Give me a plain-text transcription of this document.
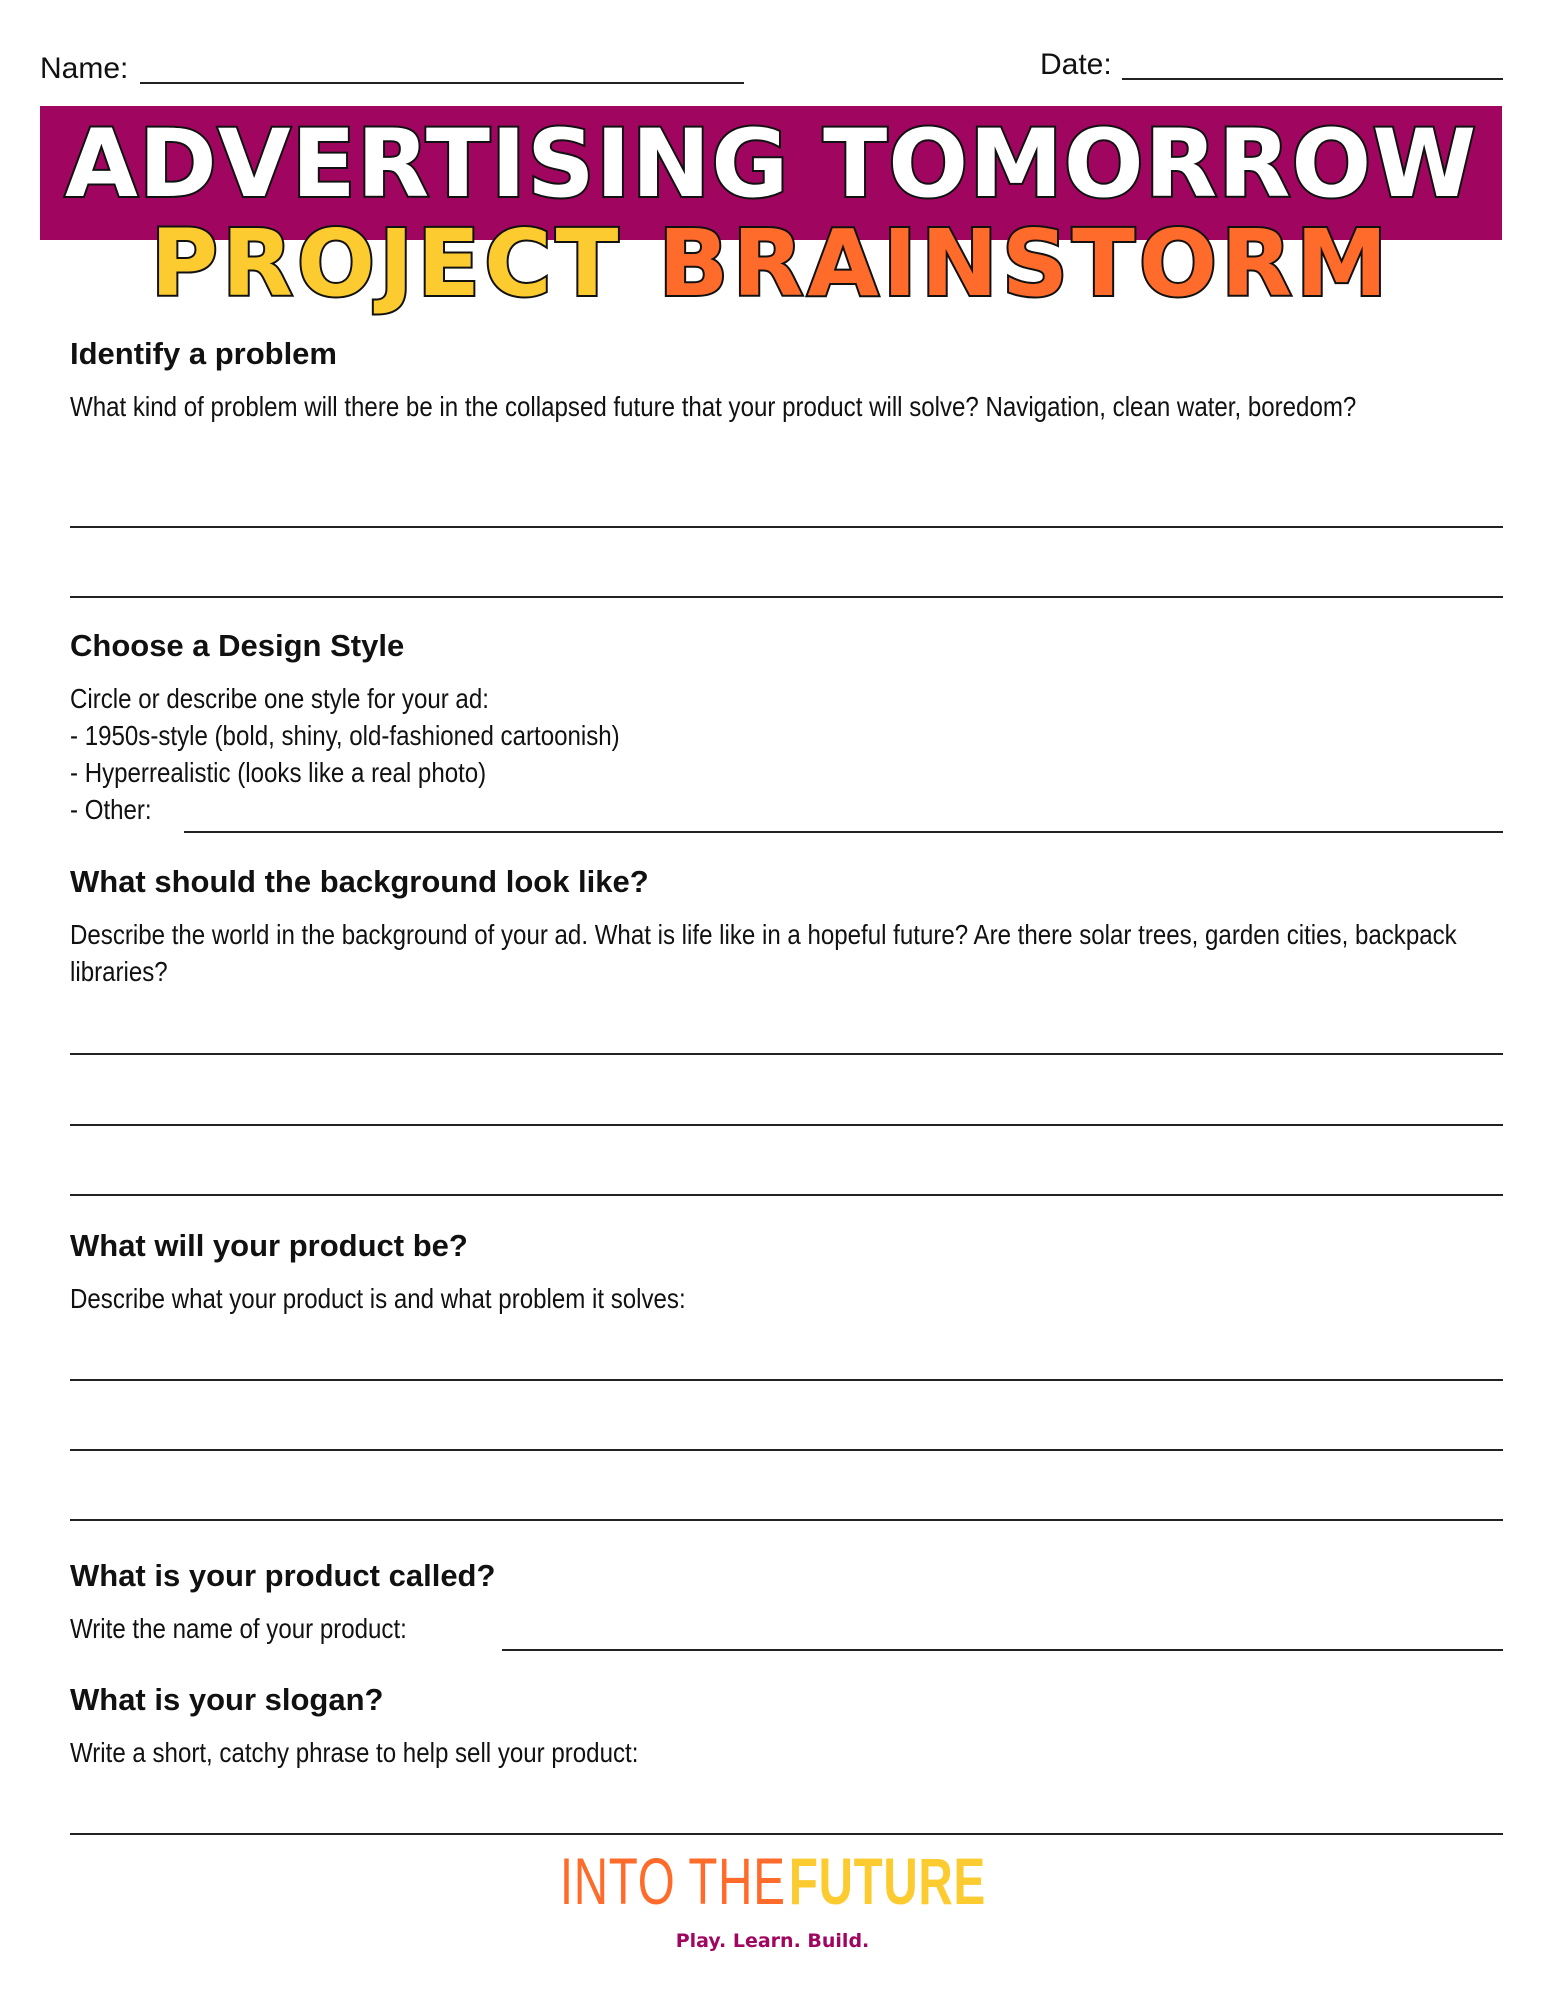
Name:	Date:
ADVERTISING TOMORROW
PROJECT BRAINSTORM
Identify a problem
What kind of problem will there be in the collapsed future that your product will solve? Navigation, clean water, boredom?
Choose a Design Style
Circle or describe one style for your ad:
- 1950s-style (bold, shiny, old-fashioned cartoonish)
- Hyperrealistic (looks like a real photo)
- Other:
What should the background look like?
Describe the world in the background of your ad. What is life like in a hopeful future? Are there solar trees, garden cities, backpack libraries?
What will your product be?
Describe what your product is and what problem it solves:
What is your product called?
Write the name of your product:
What is your slogan?
Write a short, catchy phrase to help sell your product:
INTO THE FUTURE
Play. Learn. Build.
